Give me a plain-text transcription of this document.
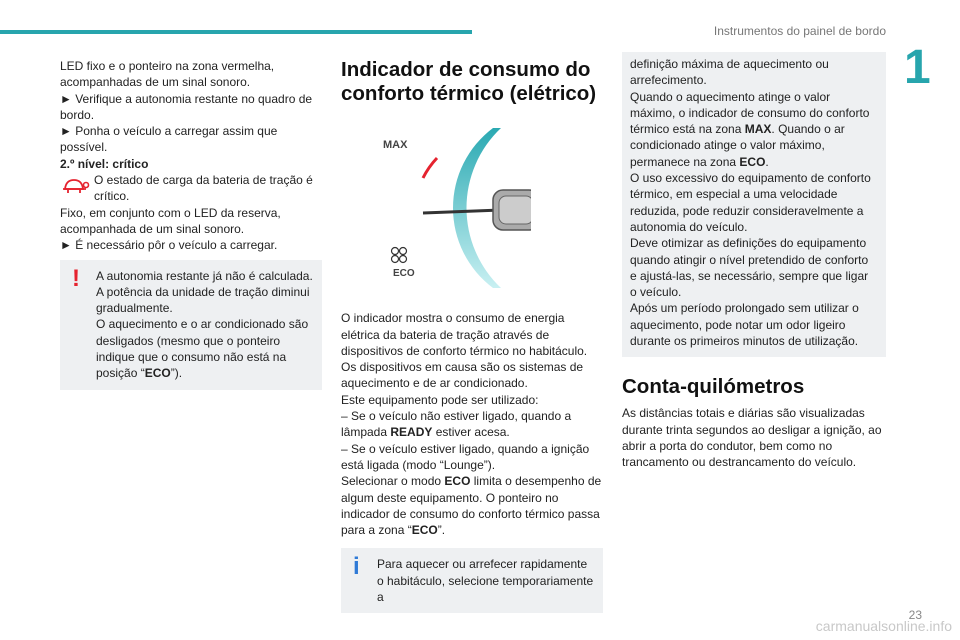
Instrumentos do painel de bordo
1

LED fixo e o ponteiro na zona vermelha, acompanhadas de um sinal sonoro.

► Verifique a autonomia restante no quadro de bordo.

► Ponha o veículo a carregar assim que possível.

2.º nível: crítico

O estado de carga da bateria de tração é crítico.

Fixo, em conjunto com o LED da reserva, acompanhada de um sinal sonoro.

► É necessário pôr o veículo a carregar.

!	A autonomia restante já não é calculada. A potência da unidade de tração diminui gradualmente.

O aquecimento e o ar condicionado são desligados (mesmo que o ponteiro indique que o consumo não está na posição “ECO”).

Indicador de consumo do conforto térmico (elétrico)
MAX
ECO

O indicador mostra o consumo de energia elétrica da bateria de tração através de dispositivos de conforto térmico no habitáculo.

Os dispositivos em causa são os sistemas de aquecimento e de ar condicionado.

Este equipamento pode ser utilizado:

– Se o veículo não estiver ligado, quando a lâmpada READY estiver acesa.

– Se o veículo estiver ligado, quando a ignição está ligada (modo “Lounge”).

Selecionar o modo ECO limita o desempenho de algum deste equipamento. O ponteiro no indicador de consumo do conforto térmico passa para a zona “ECO”.

i	Para aquecer ou arrefecer rapidamente o habitáculo, selecione temporariamente a

definição máxima de aquecimento ou arrefecimento.

Quando o aquecimento atinge o valor máximo, o indicador de consumo do conforto térmico está na zona MAX. Quando o ar condicionado atinge o valor máximo, permanece na zona ECO.

O uso excessivo do equipamento de conforto térmico, em especial a uma velocidade reduzida, pode reduzir consideravelmente a autonomia do veículo.

Deve otimizar as definições do equipamento quando atingir o nível pretendido de conforto e ajustá-las, se necessário, sempre que ligar o veículo.

Após um período prolongado sem utilizar o aquecimento, pode notar um odor ligeiro durante os primeiros minutos de utilização.

Conta-quilómetros

As distâncias totais e diárias são visualizadas durante trinta segundos ao desligar a ignição, ao abrir a porta do condutor, bem como no trancamento ou destrancamento do veículo.

23
carmanualsonline.info
